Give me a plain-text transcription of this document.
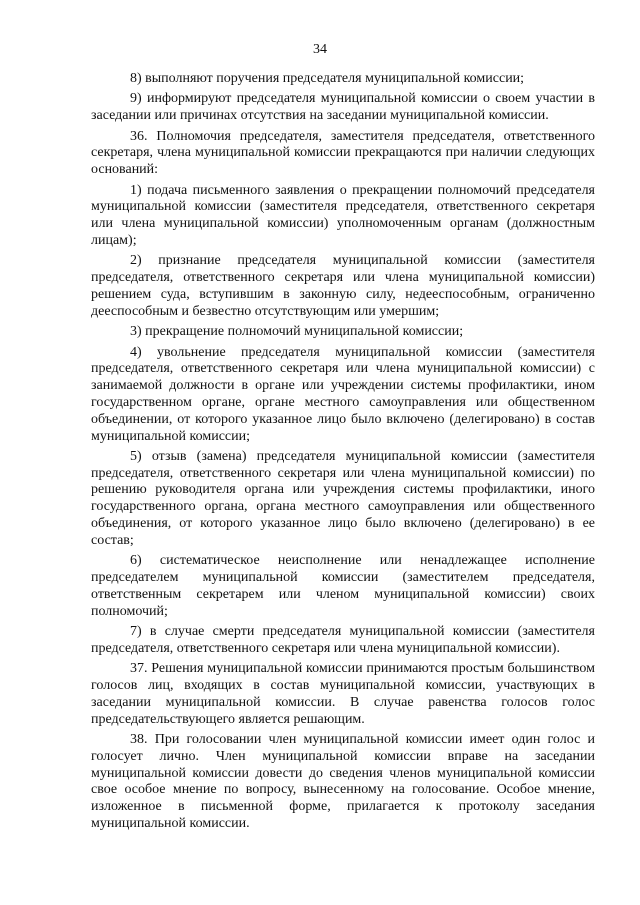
34

8) выполняют поручения председателя муниципальной комиссии;

9) информируют председателя муниципальной комиссии о своем участии в заседании или причинах отсутствия на заседании муниципальной комиссии.

36. Полномочия председателя, заместителя председателя, ответственного секретаря, члена муниципальной комиссии прекращаются при наличии следующих оснований:

1) подача письменного заявления о прекращении полномочий председателя муниципальной комиссии (заместителя председателя, ответственного секретаря или члена муниципальной комиссии) уполномоченным органам (должностным лицам);

2) признание председателя муниципальной комиссии (заместителя председателя, ответственного секретаря или члена муниципальной комиссии) решением суда, вступившим в законную силу, недееспособным, ограниченно дееспособным и безвестно отсутствующим или умершим;

3) прекращение полномочий муниципальной комиссии;

4) увольнение председателя муниципальной комиссии (заместителя председателя, ответственного секретаря или члена муниципальной комиссии) с занимаемой должности в органе или учреждении системы профилактики, ином государственном органе, органе местного самоуправления или общественном объединении, от которого указанное лицо было включено (делегировано) в состав муниципальной комиссии;

5) отзыв (замена) председателя муниципальной комиссии (заместителя председателя, ответственного секретаря или члена муниципальной комиссии) по решению руководителя органа или учреждения системы профилактики, иного государственного органа, органа местного самоуправления или общественного объединения, от которого указанное лицо было включено (делегировано) в ее состав;

6) систематическое неисполнение или ненадлежащее исполнение председателем муниципальной комиссии (заместителем председателя, ответственным секретарем или членом муниципальной комиссии) своих полномочий;

7) в случае смерти председателя муниципальной комиссии (заместителя председателя, ответственного секретаря или члена муниципальной комиссии).

37. Решения муниципальной комиссии принимаются простым большинством голосов лиц, входящих в состав муниципальной комиссии, участвующих в заседании муниципальной комиссии. В случае равенства голосов голос председательствующего является решающим.

38. При голосовании член муниципальной комиссии имеет один голос и голосует лично. Член муниципальной комиссии вправе на заседании муниципальной комиссии довести до сведения членов муниципальной комиссии свое особое мнение по вопросу, вынесенному на голосование. Особое мнение, изложенное в письменной форме, прилагается к протоколу заседания муниципальной комиссии.
